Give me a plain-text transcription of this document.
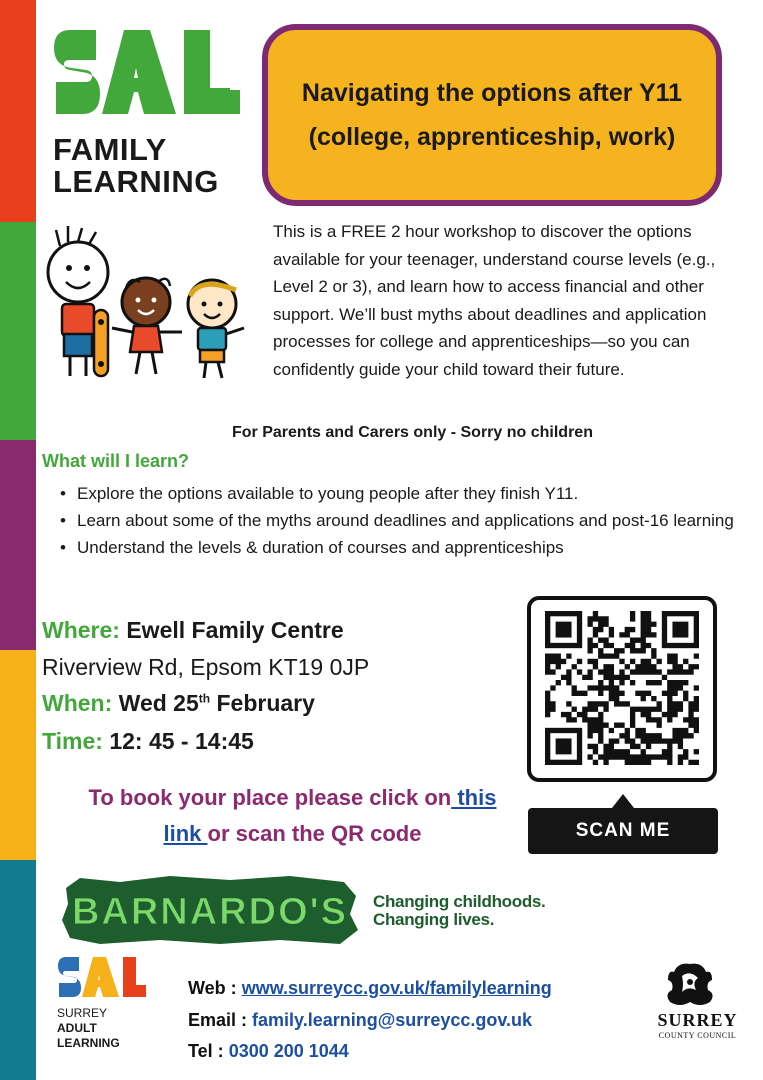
FAMILY
LEARNING
Navigating the options after Y11 (college, apprenticeship, work)

This is a FREE 2 hour workshop to discover the options available for your teenager, understand course levels (e.g., Level 2 or 3), and learn how to access financial and other support. We’ll bust myths about deadlines and application processes for college and apprenticeships—so you can confidently guide your child toward their future.

For Parents and Carers only - Sorry no children
What will I learn?
• Explore the options available to young people after they finish Y11.
• Learn about some of the myths around deadlines and applications and post-16 learning
• Understand the levels & duration of courses and apprenticeships
Where: Ewell Family Centre
Riverview Rd, Epsom KT19 0JP
When: Wed 25th February
Time: 12: 45 - 14:45
To book your place please click on this
link or scan the QR code	SCAN ME
BARNARDO'S Changing childhoods.
Changing lives.
SURREY
ADULT
LEARNING
Web : www.surreycc.gov.uk/familylearning
Email : family.learning@surreycc.gov.uk
Tel : 0300 200 1044
SURREY
COUNTY COUNCIL
